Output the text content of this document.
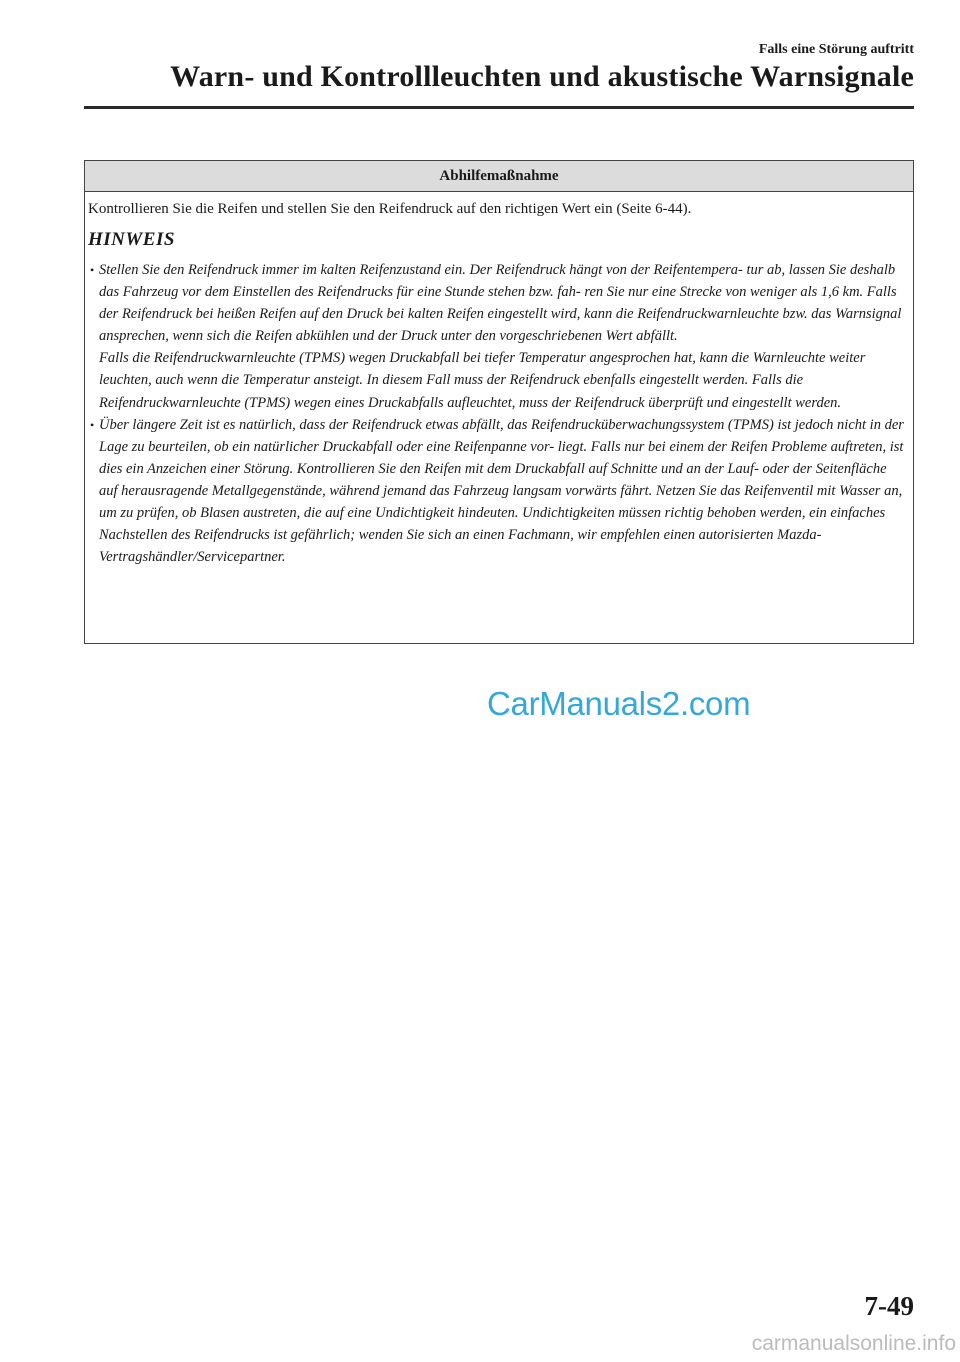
Falls eine Störung auftritt
Warn- und Kontrollleuchten und akustische Warnsignale
Abhilfemaßnahme

Kontrollieren Sie die Reifen und stellen Sie den Reifendruck auf den richtigen Wert ein (Seite 6-44).

HINWEIS
• Stellen Sie den Reifendruck immer im kalten Reifenzustand ein. Der Reifendruck hängt von der Reifentempera- tur ab, lassen Sie deshalb das Fahrzeug vor dem Einstellen des Reifendrucks für eine Stunde stehen bzw. fah- ren Sie nur eine Strecke von weniger als 1,6 km. Falls der Reifendruck bei heißen Reifen auf den Druck bei kalten Reifen eingestellt wird, kann die Reifendruckwarnleuchte bzw. das Warnsignal ansprechen, wenn sich die Reifen abkühlen und der Druck unter den vorgeschriebenen Wert abfällt.

Falls die Reifendruckwarnleuchte (TPMS) wegen Druckabfall bei tiefer Temperatur angesprochen hat, kann die Warnleuchte weiter leuchten, auch wenn die Temperatur ansteigt. In diesem Fall muss der Reifendruck ebenfalls eingestellt werden. Falls die Reifendruckwarnleuchte (TPMS) wegen eines Druckabfalls aufleuchtet, muss der Reifendruck überprüft und eingestellt werden.

• Über längere Zeit ist es natürlich, dass der Reifendruck etwas abfällt, das Reifendrucküberwachungssystem (TPMS) ist jedoch nicht in der Lage zu beurteilen, ob ein natürlicher Druckabfall oder eine Reifenpanne vor- liegt. Falls nur bei einem der Reifen Probleme auftreten, ist dies ein Anzeichen einer Störung. Kontrollieren Sie den Reifen mit dem Druckabfall auf Schnitte und an der Lauf- oder der Seitenfläche auf herausragende Metallgegenstände, während jemand das Fahrzeug langsam vorwärts fährt. Netzen Sie das Reifenventil mit Wasser an, um zu prüfen, ob Blasen austreten, die auf eine Undichtigkeit hindeuten. Undichtigkeiten müssen richtig behoben werden, ein einfaches Nachstellen des Reifendrucks ist gefährlich; wenden Sie sich an einen Fachmann, wir empfehlen einen autorisierten Mazda-Vertragshändler/Servicepartner.

CarManuals2.com
7-49
carmanualsonline.info
